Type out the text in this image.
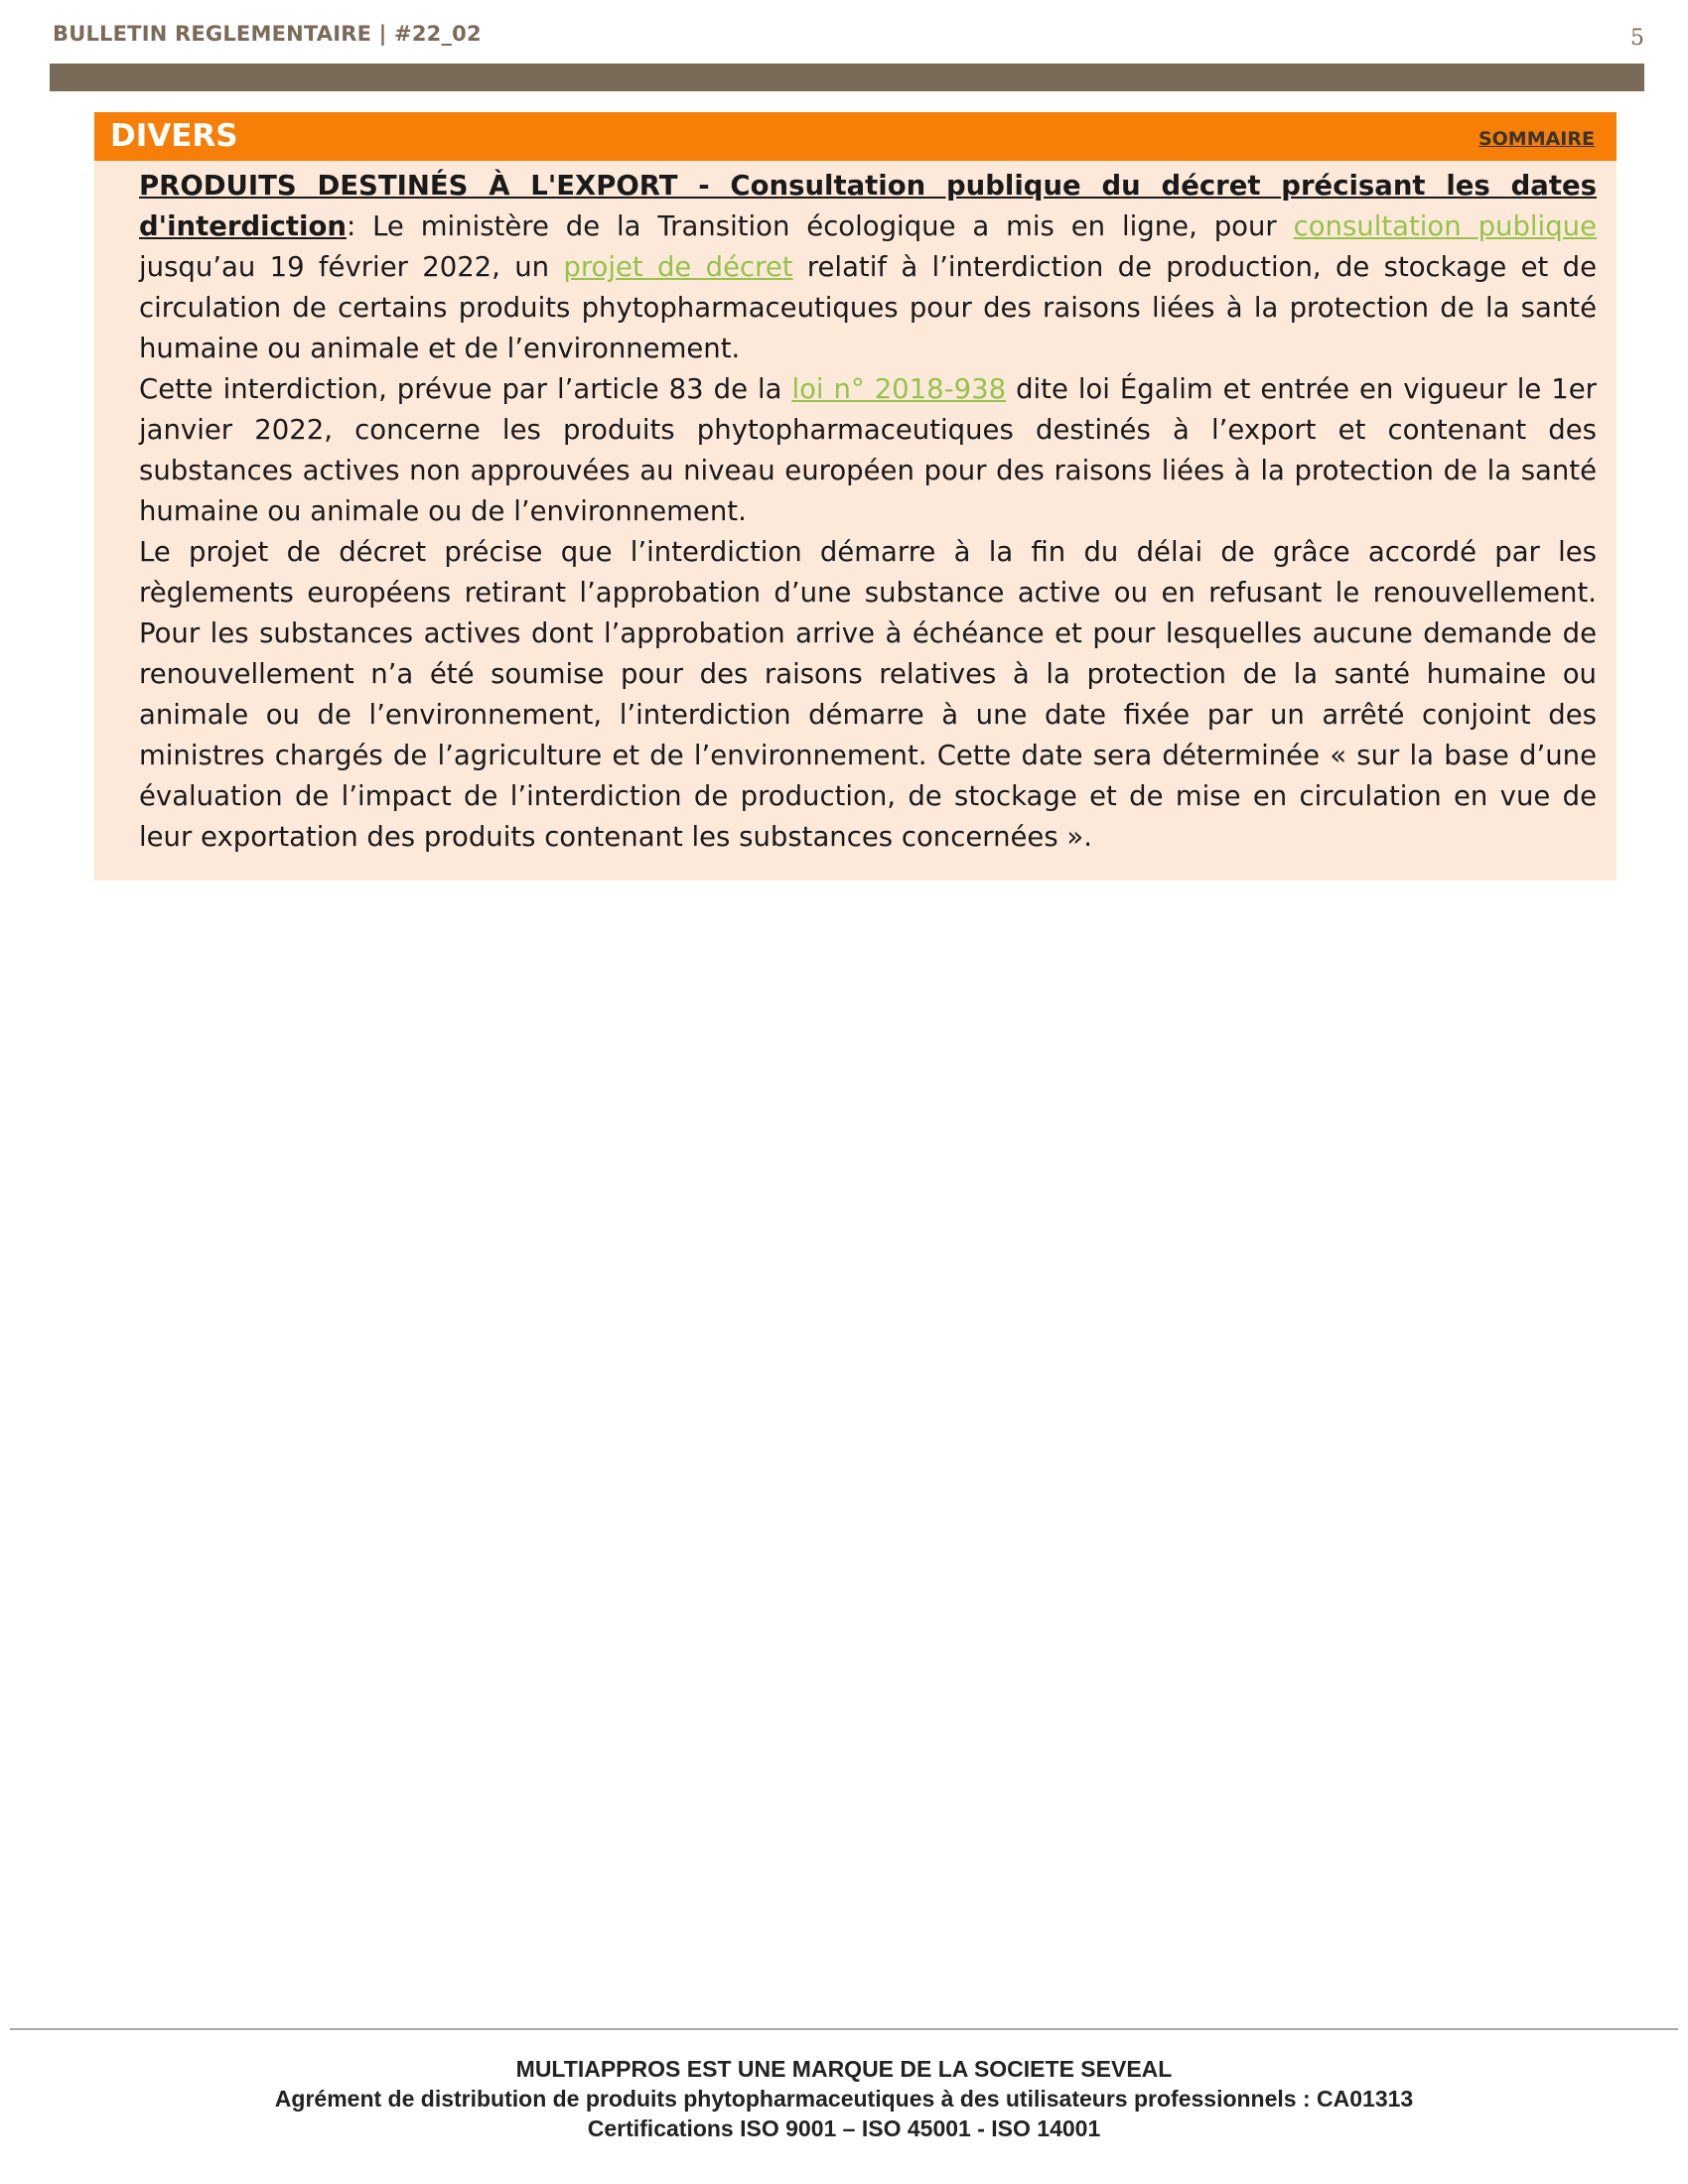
BULLETIN REGLEMENTAIRE | #22_02	5
DIVERS	SOMMAIRE

PRODUITS DESTINÉS À L'EXPORT - Consultation publique du décret précisant les dates d'interdiction: Le ministère de la Transition écologique a mis en ligne, pour consultation publique jusqu’au 19 février 2022, un projet de décret relatif à l’interdiction de production, de stockage et de circulation de certains produits phytopharmaceutiques pour des raisons liées à la protection de la santé humaine ou animale et de l’environnement.

Cette interdiction, prévue par l’article 83 de la loi n° 2018-938 dite loi Égalim et entrée en vigueur le 1er janvier 2022, concerne les produits phytopharmaceutiques destinés à l’export et contenant des substances actives non approuvées au niveau européen pour des raisons liées à la protection de la santé humaine ou animale ou de l’environnement.

Le projet de décret précise que l’interdiction démarre à la fin du délai de grâce accordé par les règlements européens retirant l’approbation d’une substance active ou en refusant le renouvellement. Pour les substances actives dont l’approbation arrive à échéance et pour lesquelles aucune demande de renouvellement n’a été soumise pour des raisons relatives à la protection de la santé humaine ou animale ou de l’environnement, l’interdiction démarre à une date fixée par un arrêté conjoint des ministres chargés de l’agriculture et de l’environnement. Cette date sera déterminée « sur la base d’une évaluation de l’impact de l’interdiction de production, de stockage et de mise en circulation en vue de leur exportation des produits contenant les substances concernées ».

MULTIAPPROS EST UNE MARQUE DE LA SOCIETE SEVEAL
Agrément de distribution de produits phytopharmaceutiques à des utilisateurs professionnels : CA01313
Certifications ISO 9001 – ISO 45001 - ISO 14001
